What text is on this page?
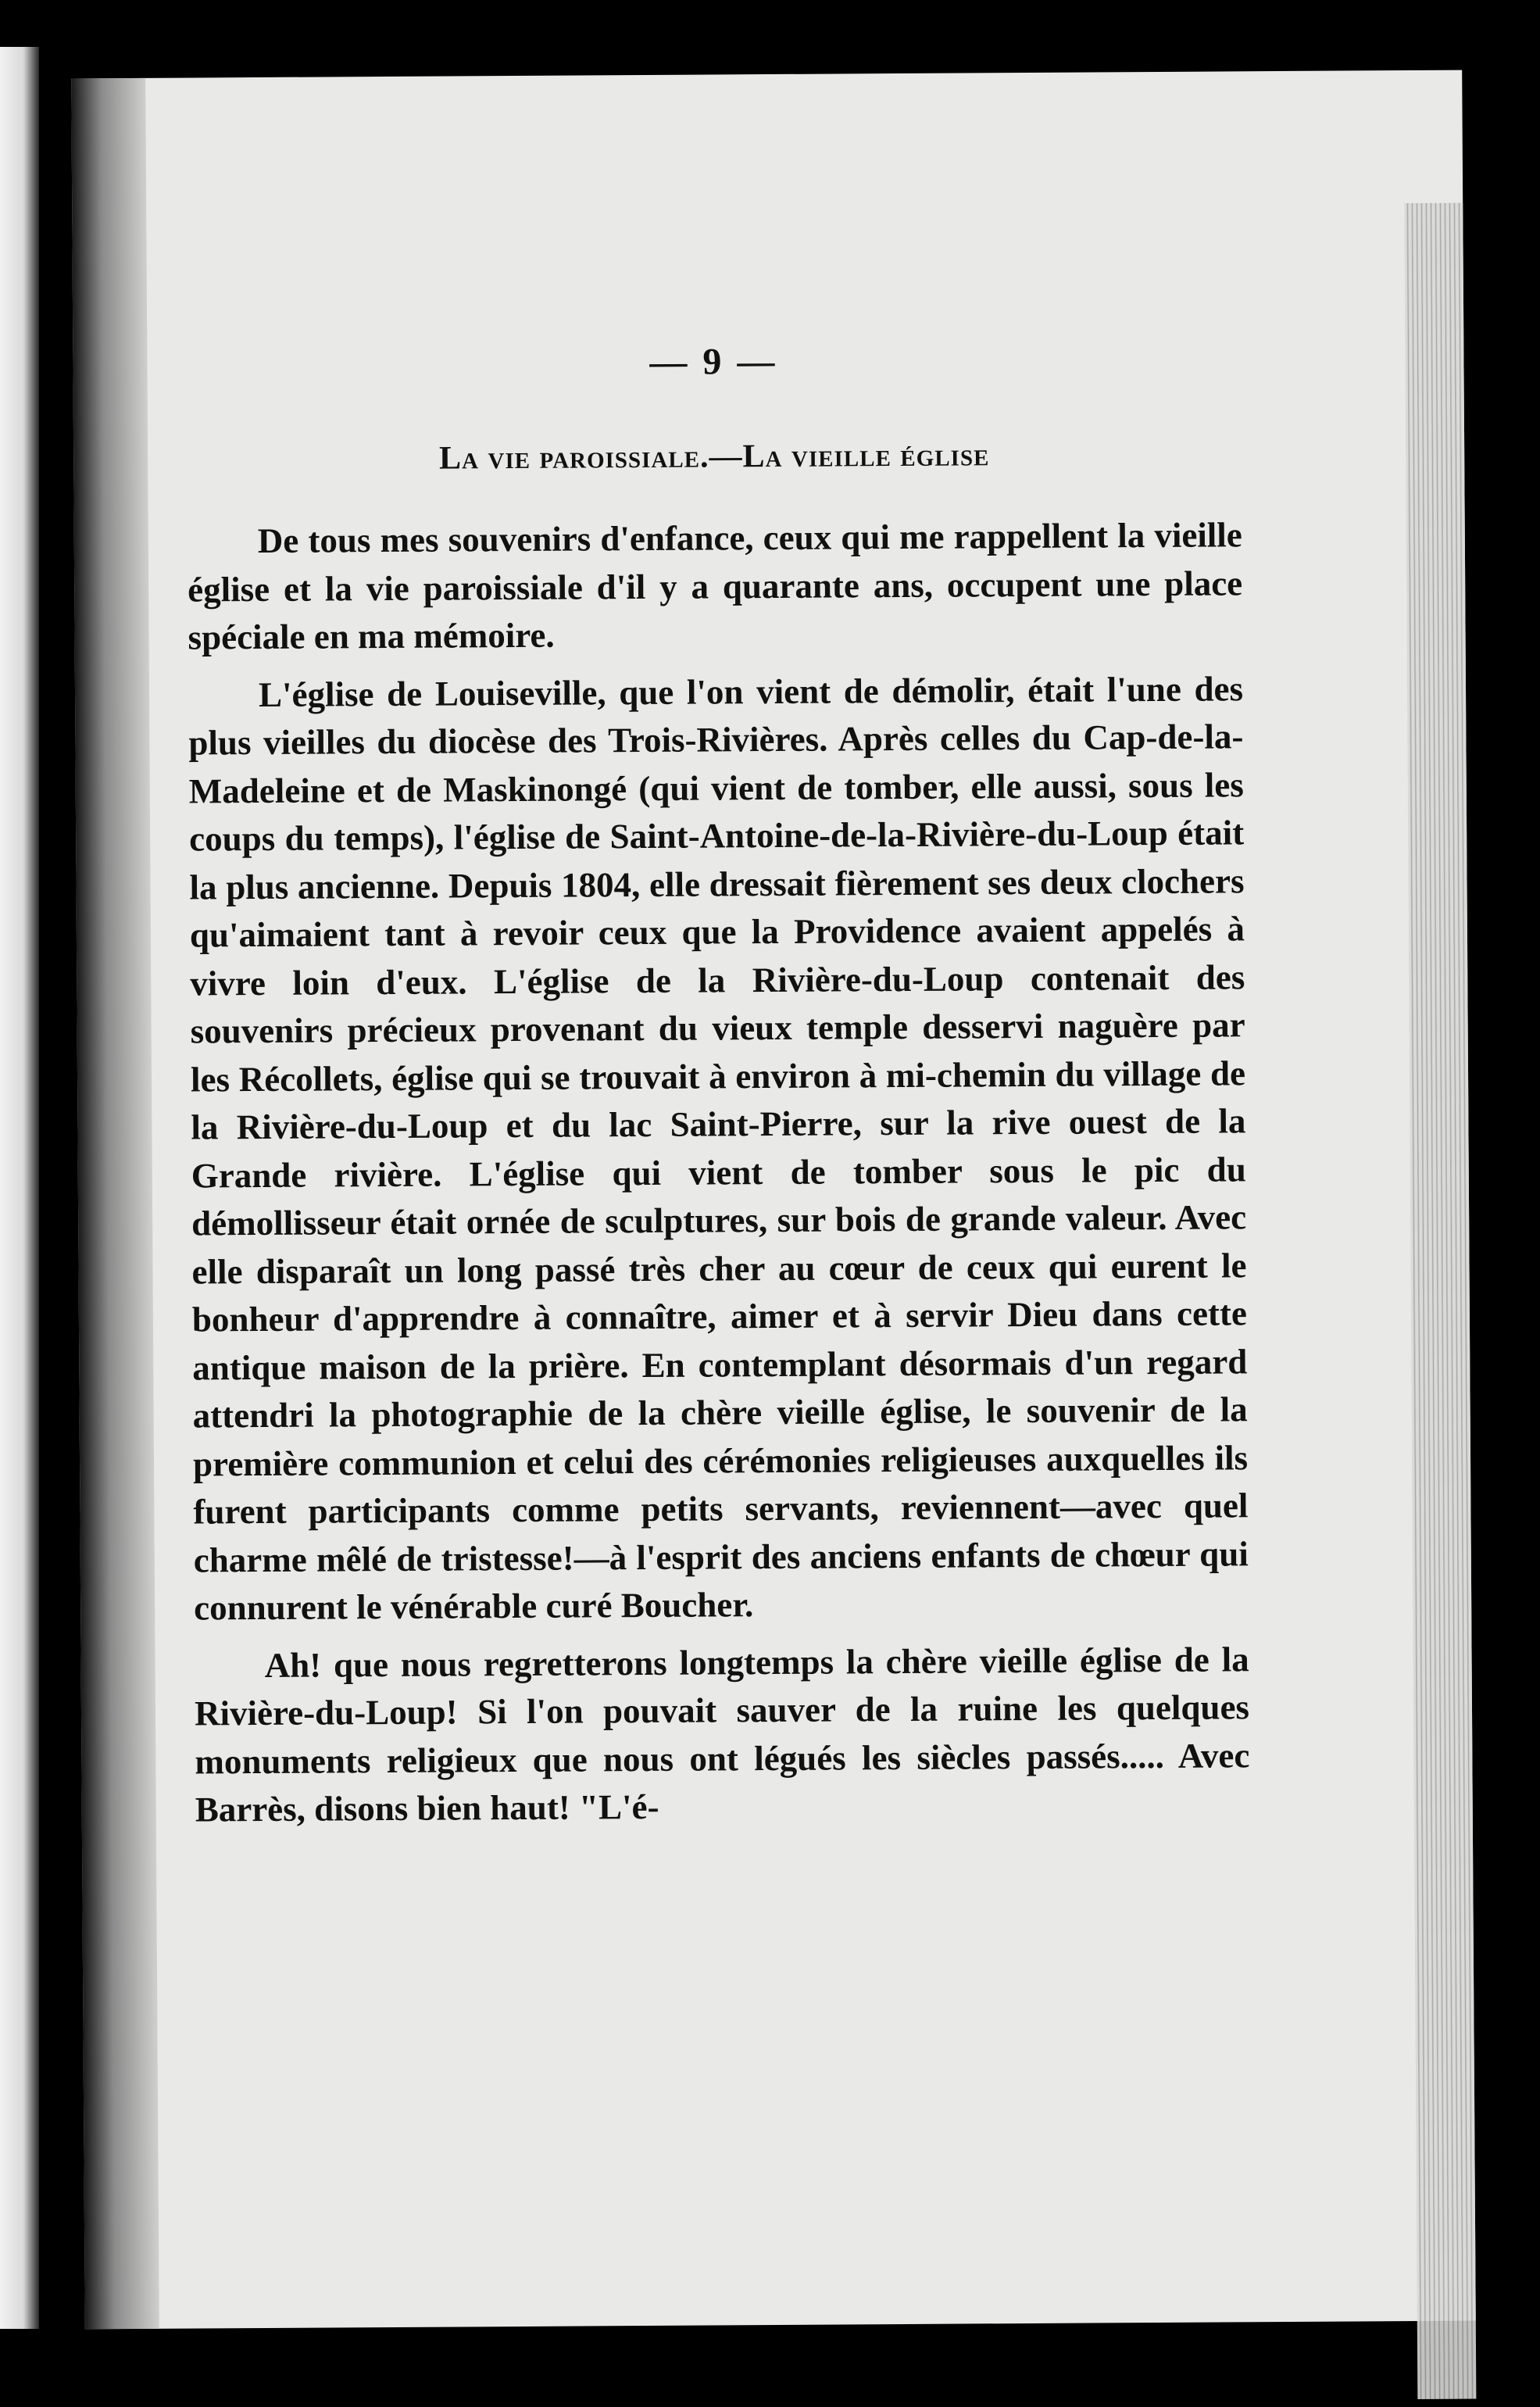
— 9 —
La vie paroissiale.—La vieille église

De tous mes souvenirs d'enfance, ceux qui me rappellent la vieille église et la vie paroissiale d'il y a quarante ans, occupent une place spéciale en ma mémoire.

L'église de Louiseville, que l'on vient de démolir, était l'une des plus vieilles du diocèse des Trois-Rivières. Après celles du Cap-de-la-Madeleine et de Maskinongé (qui vient de tomber, elle aussi, sous les coups du temps), l'église de Saint-Antoine-de-la-Rivière-du-Loup était la plus ancienne. Depuis 1804, elle dressait fièrement ses deux clochers qu'aimaient tant à revoir ceux que la Providence avaient appelés à vivre loin d'eux. L'église de la Rivière-du-Loup contenait des souvenirs précieux provenant du vieux temple desservi naguère par les Récollets, église qui se trouvait à environ à mi-chemin du village de la Rivière-du-Loup et du lac Saint-Pierre, sur la rive ouest de la Grande rivière. L'église qui vient de tomber sous le pic du démollisseur était ornée de sculptures, sur bois de grande valeur. Avec elle disparaît un long passé très cher au cœur de ceux qui eurent le bonheur d'apprendre à connaître, aimer et à servir Dieu dans cette antique maison de la prière. En contemplant désormais d'un regard attendri la photographie de la chère vieille église, le souvenir de la première communion et celui des cérémonies religieuses auxquelles ils furent participants comme petits servants, reviennent—avec quel charme mêlé de tristesse!—à l'esprit des anciens enfants de chœur qui connurent le vénérable curé Boucher.

Ah! que nous regretterons longtemps la chère vieille église de la Rivière-du-Loup! Si l'on pouvait sauver de la ruine les quelques monuments religieux que nous ont légués les siècles passés..... Avec Barrès, disons bien haut! "L'é-
